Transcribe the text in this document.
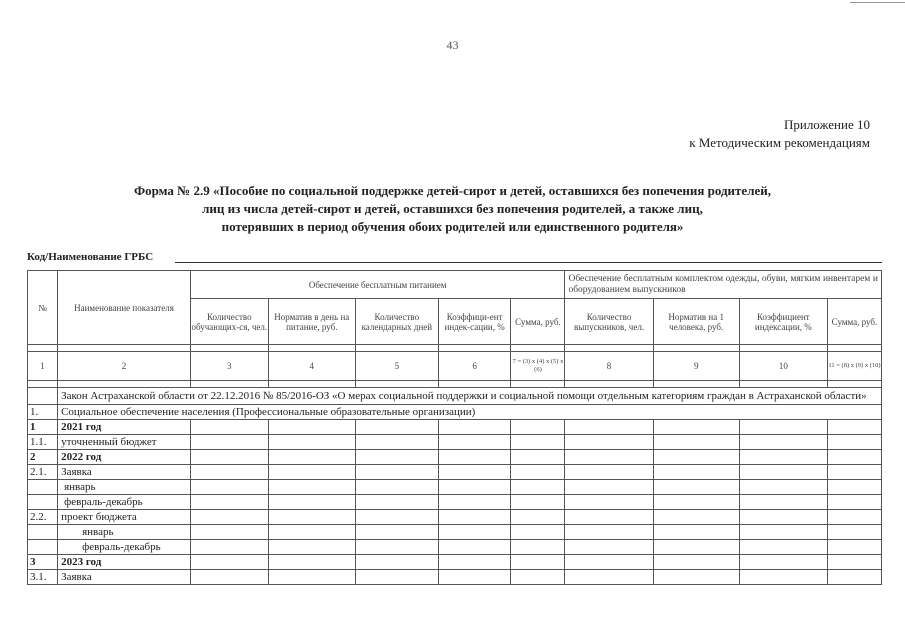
43
Приложение 10
к Методическим рекомендациям
Форма № 2.9 «Пособие по социальной поддержке детей-сирот и детей, оставшихся без попечения родителей,
лиц из числа детей-сирот и детей, оставшихся без попечения родителей, а также лиц,
потерявших в период обучения обоих родителей или единственного родителя»
Код/Наименование ГРБС
№	Наименование показателя	Обеспечение бесплатным питанием					Обеспечение бесплатным комплектом одежды, обуви, мягким инвентарем и оборудованием выпускников			
		Количество обучающих-ся, чел.	Норматив в день на питание, руб.	Количество календарных дней	Коэффици-ент индек-сации, %	Сумма, руб.	Количество выпускников, чел.	Норматив на 1 человека, руб.	Коэффициент индексации, %	Сумма, руб.

1	2	3	4	5	6	7 = (3) x (4) x (5) x (6)	8	9	10	11 = (8) x (9) x (10)

	Закон Астраханской области от 22.12.2016 № 85/2016-ОЗ «О мерах социальной поддержки и социальной помощи отдельным категориям граждан в Астраханской области»									
1.	Социальное обеспечение населения (Профессиональные образовательные организации)									
1	2021 год									
1.1.	уточненный бюджет									
2	2022 год									
2.1.	Заявка									
	январь									
	февраль-декабрь									
2.2.	проект бюджета									
	январь									
	февраль-декабрь									
3	2023 год									
3.1.	Заявка									
